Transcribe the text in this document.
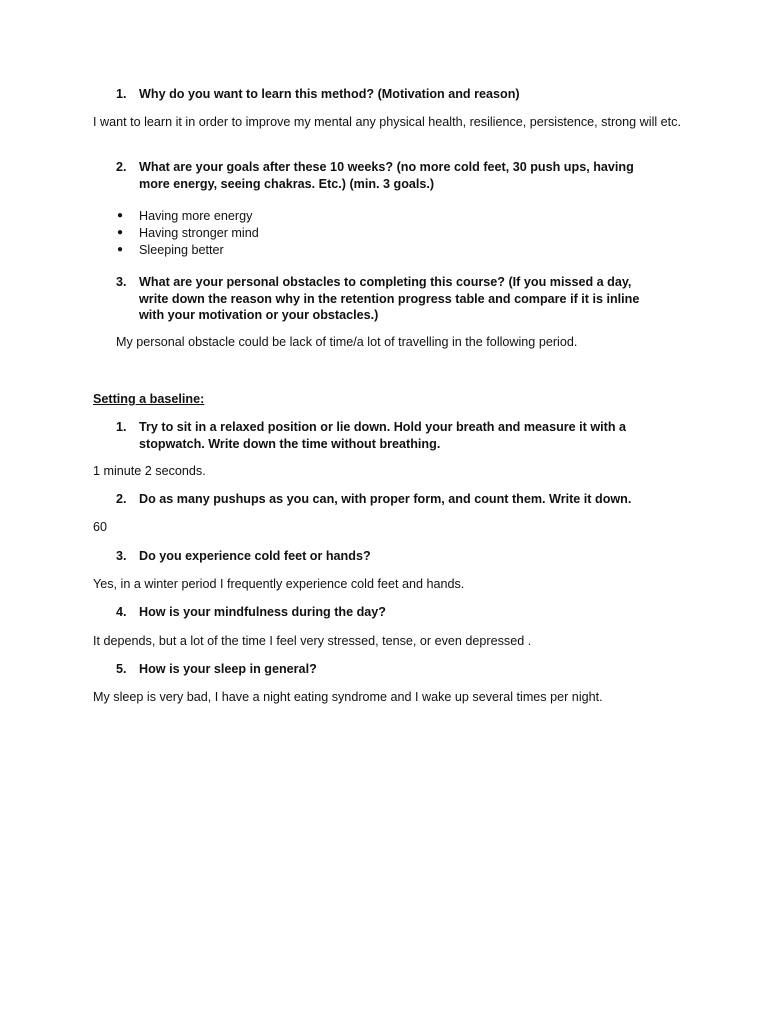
1. Why do you want to learn this method? (Motivation and reason)
I want to learn it in order to improve my mental any physical health, resilience, persistence, strong will etc.
2. What are your goals after these 10 weeks? (no more cold feet, 30 push ups, having more energy, seeing chakras. Etc.) (min. 3 goals.)
● Having more energy
● Having stronger mind
● Sleeping better
3. What are your personal obstacles to completing this course? (If you missed a day, write down the reason why in the retention progress table and compare if it is inline with your motivation or your obstacles.)
My personal obstacle could be lack of time/a lot of travelling in the following period.
Setting a baseline:
1. Try to sit in a relaxed position or lie down. Hold your breath and measure it with a stopwatch. Write down the time without breathing.
1 minute 2 seconds.
2. Do as many pushups as you can, with proper form, and count them. Write it down.
60
3. Do you experience cold feet or hands?
Yes, in a winter period I frequently experience cold feet and hands.
4. How is your mindfulness during the day?
It depends, but a lot of the time I feel very stressed, tense, or even depressed .
5. How is your sleep in general?
My sleep is very bad, I have a night eating syndrome and I wake up several times per night.
